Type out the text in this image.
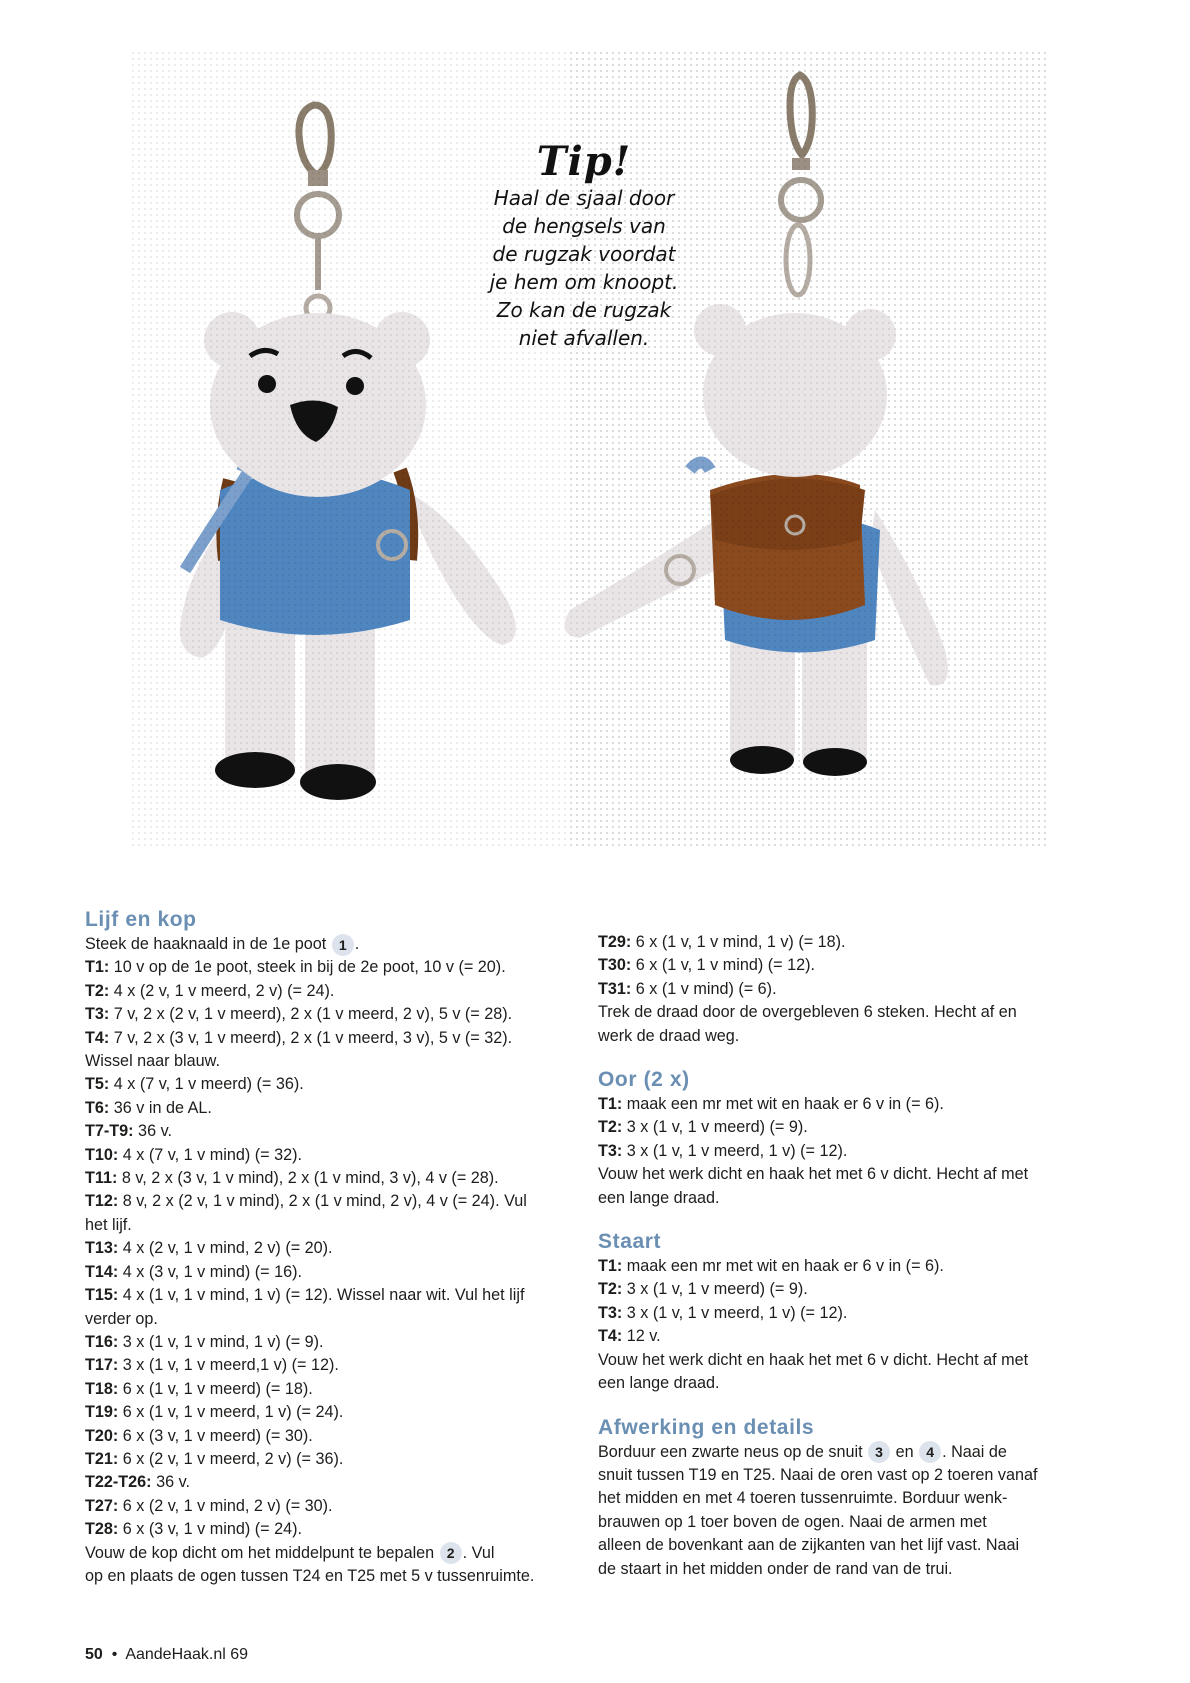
Tip!
Haal de sjaal door
de hengsels van
de rugzak voordat
je hem om knoopt.
Zo kan de rugzak
niet afvallen.

Lijf en kop

Steek de haaknaald in de 1e poot 1 .

T1: 10 v op de 1e poot, steek in bij de 2e poot, 10 v (= 20).

T2: 4 x (2 v, 1 v meerd, 2 v) (= 24).

T3: 7 v, 2 x (2 v, 1 v meerd), 2 x (1 v meerd, 2 v), 5 v (= 28).

T4: 7 v, 2 x (3 v, 1 v meerd), 2 x (1 v meerd, 3 v), 5 v (= 32).

Wissel naar blauw.

T5: 4 x (7 v, 1 v meerd) (= 36).

T6: 36 v in de AL.

T7-T9: 36 v.

T10: 4 x (7 v, 1 v mind) (= 32).

T11: 8 v, 2 x (3 v, 1 v mind), 2 x (1 v mind, 3 v), 4 v (= 28).

T12: 8 v, 2 x (2 v, 1 v mind), 2 x (1 v mind, 2 v), 4 v (= 24). Vul

het lijf.

T13: 4 x (2 v, 1 v mind, 2 v) (= 20).

T14: 4 x (3 v, 1 v mind) (= 16).

T15: 4 x (1 v, 1 v mind, 1 v) (= 12). Wissel naar wit. Vul het lijf

verder op.

T16: 3 x (1 v, 1 v mind, 1 v) (= 9).

T17: 3 x (1 v, 1 v meerd,1 v) (= 12).

T18: 6 x (1 v, 1 v meerd) (= 18).

T19: 6 x (1 v, 1 v meerd, 1 v) (= 24).

T20: 6 x (3 v, 1 v meerd) (= 30).

T21: 6 x (2 v, 1 v meerd, 2 v) (= 36).

T22-T26: 36 v.

T27: 6 x (2 v, 1 v mind, 2 v) (= 30).

T28: 6 x (3 v, 1 v mind) (= 24).

Vouw de kop dicht om het middelpunt te bepalen 2 . Vul

op en plaats de ogen tussen T24 en T25 met 5 v tussenruimte.

T29: 6 x (1 v, 1 v mind, 1 v) (= 18).

T30: 6 x (1 v, 1 v mind) (= 12).

T31: 6 x (1 v mind) (= 6).

Trek de draad door de overgebleven 6 steken. Hecht af en

werk de draad weg.

Oor (2 x)

T1: maak een mr met wit en haak er 6 v in (= 6).

T2: 3 x (1 v, 1 v meerd) (= 9).

T3: 3 x (1 v, 1 v meerd, 1 v) (= 12).

Vouw het werk dicht en haak het met 6 v dicht. Hecht af met

een lange draad.

Staart

T1: maak een mr met wit en haak er 6 v in (= 6).

T2: 3 x (1 v, 1 v meerd) (= 9).

T3: 3 x (1 v, 1 v meerd, 1 v) (= 12).

T4: 12 v.

Vouw het werk dicht en haak het met 6 v dicht. Hecht af met

een lange draad.

Afwerking en details

Borduur een zwarte neus op de snuit 3 en 4 . Naai de

snuit tussen T19 en T25. Naai de oren vast op 2 toeren vanaf

het midden en met 4 toeren tussenruimte. Borduur wenk-

brauwen op 1 toer boven de ogen. Naai de armen met

alleen de bovenkant aan de zijkanten van het lijf vast. Naai

de staart in het midden onder de rand van de trui.

50 • AandeHaak.nl 69
